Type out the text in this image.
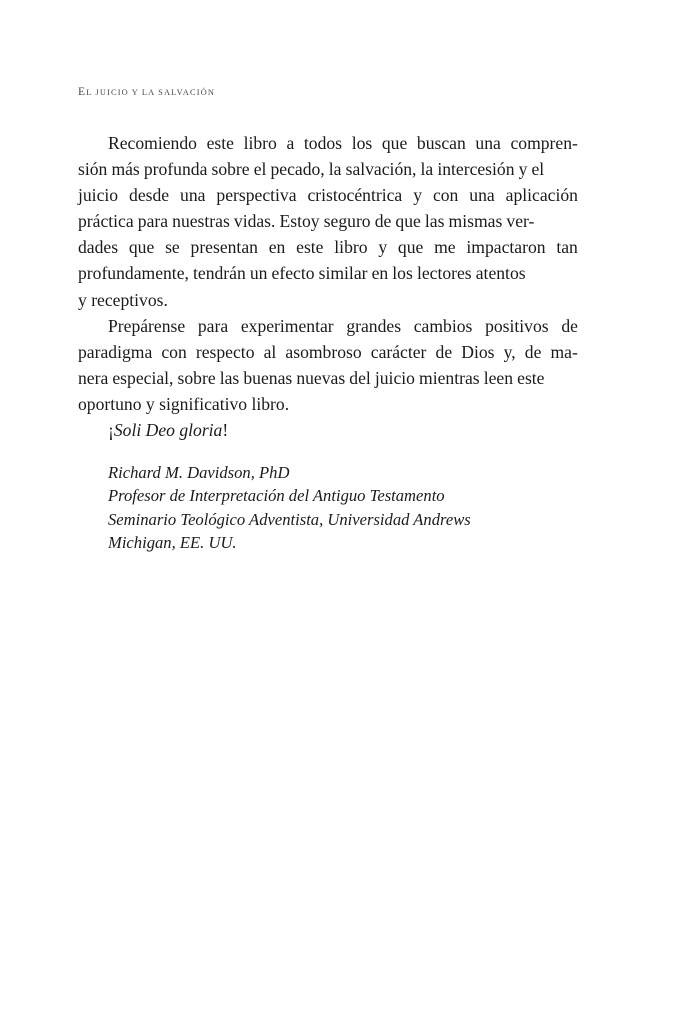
EL JUICIO Y LA SALVACIÓN
Recomiendo este libro a todos los que buscan una compren-
sión más profunda sobre el pecado, la salvación, la intercesión y el
juicio desde una perspectiva cristocéntrica y con una aplicación
práctica para nuestras vidas. Estoy seguro de que las mismas ver-
dades que se presentan en este libro y que me impactaron tan
profundamente, tendrán un efecto similar en los lectores atentos
y receptivos.
Prepárense para experimentar grandes cambios positivos de
paradigma con respecto al asombroso carácter de Dios y, de ma-
nera especial, sobre las buenas nuevas del juicio mientras leen este
oportuno y significativo libro.
¡Soli Deo gloria!
Richard M. Davidson, PhD
Profesor de Interpretación del Antiguo Testamento
Seminario Teológico Adventista, Universidad Andrews
Michigan, EE. UU.
